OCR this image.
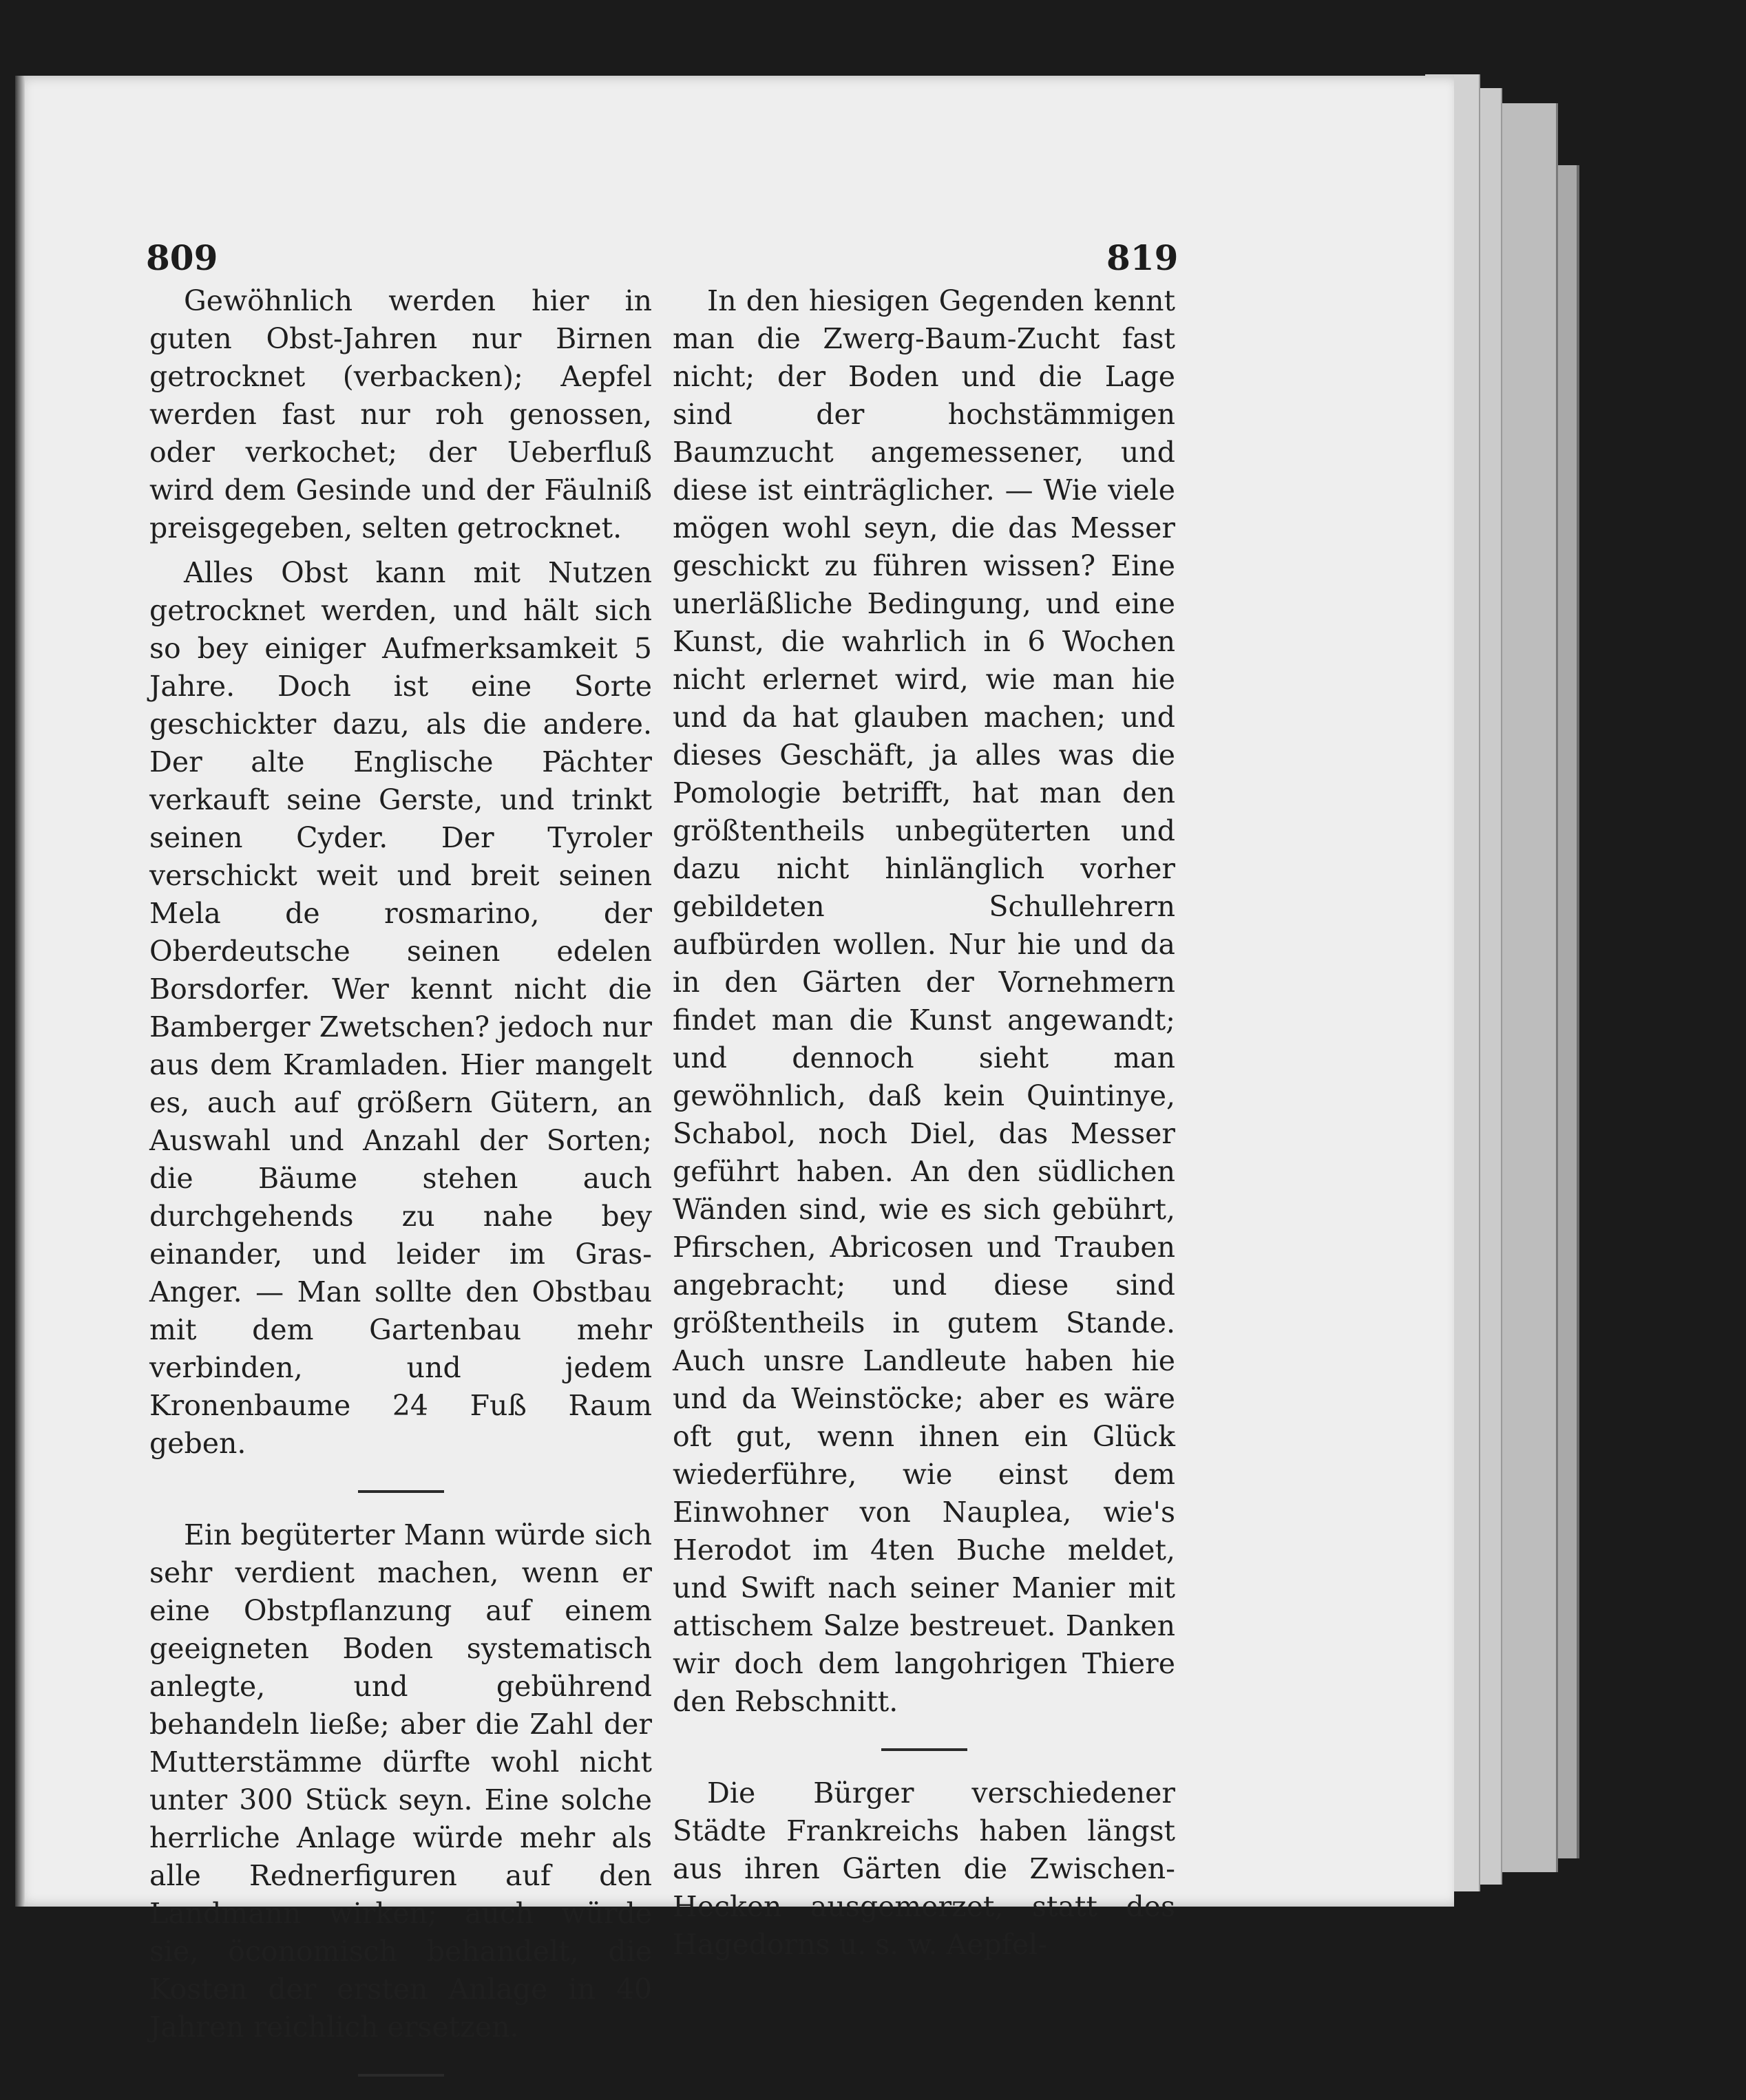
809	819

Gewöhnlich werden hier in guten Obst-Jahren nur Birnen getrocknet (verbacken); Aepfel werden fast nur roh genossen, oder verkochet; der Ueberfluß wird dem Gesinde und der Fäulniß preisgegeben, selten getrocknet.

Alles Obst kann mit Nutzen getrocknet werden, und hält sich so bey einiger Aufmerksamkeit 5 Jahre. Doch ist eine Sorte geschickter dazu, als die andere. Der alte Englische Pächter verkauft seine Gerste, und trinkt seinen Cyder. Der Tyroler verschickt weit und breit seinen Mela de rosmarino, der Oberdeutsche seinen edelen Borsdorfer. Wer kennt nicht die Bamberger Zwetschen? jedoch nur aus dem Kramladen. Hier mangelt es, auch auf größern Gütern, an Auswahl und Anzahl der Sorten; die Bäume stehen auch durchgehends zu nahe bey einander, und leider im Gras-Anger. — Man sollte den Obstbau mit dem Gartenbau mehr verbinden, und jedem Kronenbaume 24 Fuß Raum geben.

Ein begüterter Mann würde sich sehr verdient machen, wenn er eine Obstpflanzung auf einem geeigneten Boden systematisch anlegte, und gebührend behandeln ließe; aber die Zahl der Mutterstämme dürfte wohl nicht unter 300 Stück seyn. Eine solche herrliche Anlage würde mehr als alle Rednerfiguren auf den Landmann wirken; auch würde sie, öconomisch behandelt, die Kosten der ersten Anlage in 40 Jahren reichlich ersetzen.

In den hiesigen Gegenden kennt man die Zwerg-Baum-Zucht fast nicht; der Boden und die Lage sind der hochstämmigen Baumzucht angemessener, und diese ist einträglicher. — Wie viele mögen wohl seyn, die das Messer geschickt zu führen wissen? Eine unerläßliche Bedingung, und eine Kunst, die wahrlich in 6 Wochen nicht erlernet wird, wie man hie und da hat glauben machen; und dieses Geschäft, ja alles was die Pomologie betrifft, hat man den größtentheils unbegüterten und dazu nicht hinlänglich vorher gebildeten Schullehrern aufbürden wollen. Nur hie und da in den Gärten der Vornehmern findet man die Kunst angewandt; und dennoch sieht man gewöhnlich, daß kein Quintinye, Schabol, noch Diel, das Messer geführt haben. An den südlichen Wänden sind, wie es sich gebührt, Pfirschen, Abricosen und Trauben angebracht; und diese sind größtentheils in gutem Stande. Auch unsre Landleute haben hie und da Weinstöcke; aber es wäre oft gut, wenn ihnen ein Glück wiederführe, wie einst dem Einwohner von Nauplea, wie's Herodot im 4ten Buche meldet, und Swift nach seiner Manier mit attischem Salze bestreuet. Danken wir doch dem langohrigen Thiere den Rebschnitt.

Die Bürger verschiedener Städte Frankreichs haben längst aus ihren Gärten die Zwischen-Hecken ausgemerzet, statt des Hagedorns u. s. w. Aepfel-
